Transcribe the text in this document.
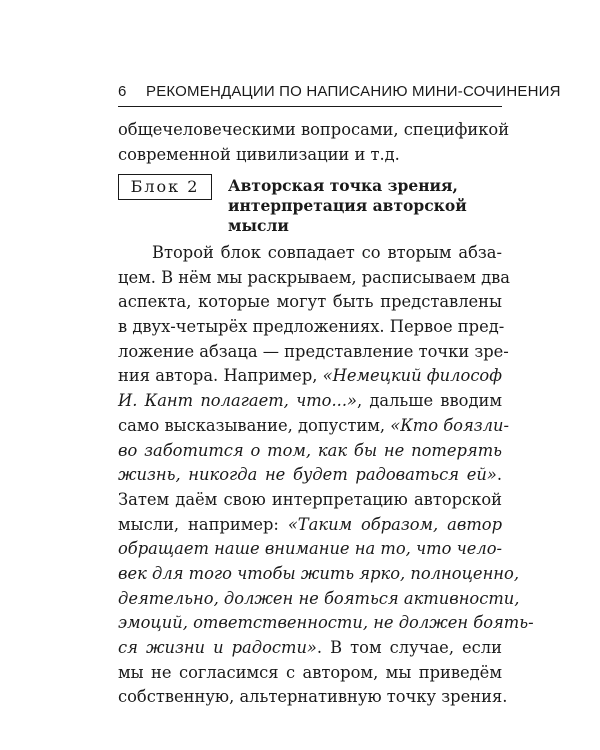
6 РЕКОМЕНДАЦИИ ПО НАПИСАНИЮ МИНИ-СОЧИНЕНИЯ
общечеловеческими вопросами, спецификой
современной цивилизации и т.д.
Блок 2	Авторская точка зрения,
интерпретация авторской
мысли
Второй блок совпадает со вторым абза-
цем. В нём мы раскрываем, расписываем два
аспекта, которые могут быть представлены
в двух-четырёх предложениях. Первое пред-
ложение абзаца — представление точки зре-
ния автора. Например, «Немецкий философ
И. Кант полагает, что...», дальше вводим
само высказывание, допустим, «Кто боязли-
во заботится о том, как бы не потерять
жизнь, никогда не будет радоваться ей».
Затем даём свою интерпретацию авторской
мысли, например: «Таким образом, автор
обращает наше внимание на то, что чело-
век для того чтобы жить ярко, полноценно,
деятельно, должен не бояться активности,
эмоций, ответственности, не должен боять-
ся жизни и радости». В том случае, если
мы не согласимся с автором, мы приведём
собственную, альтернативную точку зрения.
